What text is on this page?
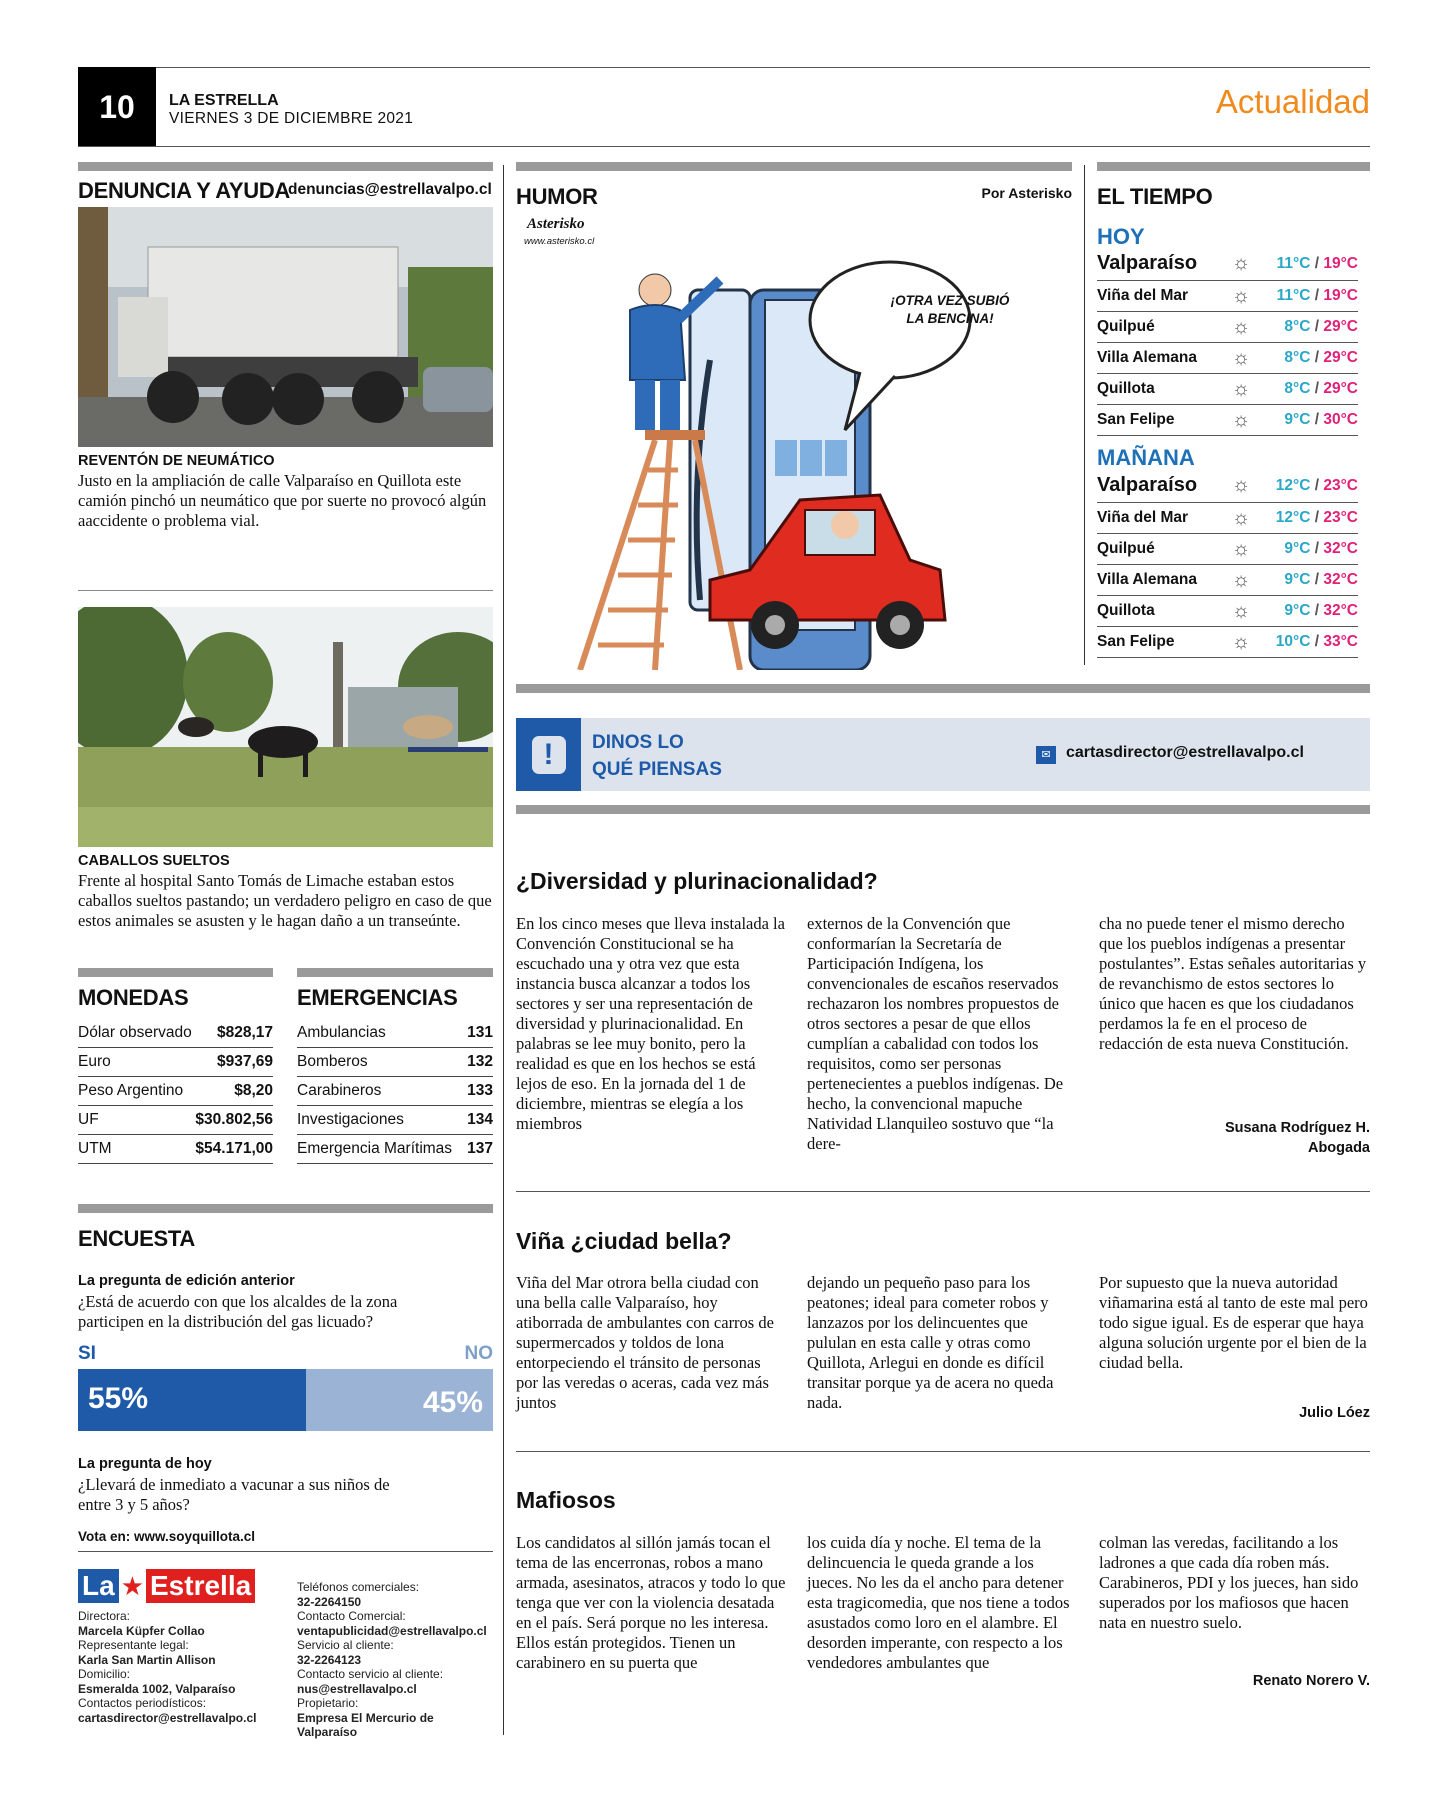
10	LA ESTRELLA
VIERNES 3 DE DICIEMBRE 2021	Actualidad
DENUNCIA Y AYUDA
denuncias@estrellavalpo.cl
REVENTÓN DE NEUMÁTICO
Justo en la ampliación de calle Valparaíso en Quillota este camión pinchó un neumático que por suerte no provocó algún aaccidente o problema vial.
CABALLOS SUELTOS
Frente al hospital Santo Tomás de Limache estaban estos caballos sueltos pastando; un verdadero peligro en caso de que estos animales se asusten y le hagan daño a un transeúnte.
MONEDAS
Dólar observado $828,17
Euro	$937,69
Peso Argentino	$8,20
UF	$30.802,56
UTM	$54.171,00
EMERGENCIAS
Ambulancias	131
Bomberos	132
Carabineros	133
Investigaciones	134
Emergencia Marítimas 137
ENCUESTA
La pregunta de edición anterior
¿Está de acuerdo con que los alcaldes de la zona participen en la distribución del gas licuado?
SI	NO
55%	45%
La pregunta de hoy
¿Llevará de inmediato a vacunar a sus niños de entre 3 y 5 años?
Vota en: www.soyquillota.cl
La ★ Estrella
Directora:
Marcela Küpfer Collao
Representante legal:
Karla San Martin Allison
Domicilio:
Esmeralda 1002, Valparaíso
Contactos periodísticos:
cartasdirector@estrellavalpo.cl
Teléfonos comerciales:
32-2264150
Contacto Comercial:
ventapublicidad@estrellavalpo.cl
Servicio al cliente:
32-2264123
Contacto servicio al cliente:
nus@estrellavalpo.cl
Propietario:
Empresa El Mercurio de Valparaíso
HUMOR	Por Asterisko
Asterisko
www.asterisko.cl
¡OTRA VEZ SUBIÓ LA BENCINA!
EL TIEMPO
HOY
Valparaíso	☼	11°C / 19°C
Viña del Mar	☼	11°C / 19°C
Quilpué	☼	8°C / 29°C
Villa Alemana	☼	8°C / 29°C
Quillota	☼	8°C / 29°C
San Felipe	☼	9°C / 30°C
MAÑANA
Valparaíso	☼	12°C / 23°C
Viña del Mar	☼	12°C / 23°C
Quilpué	☼	9°C / 32°C
Villa Alemana	☼	9°C / 32°C
Quillota	☼	9°C / 32°C
San Felipe	☼	10°C / 33°C
!	DINOS LO
QUÉ PIENSAS
✉ cartasdirector@estrellavalpo.cl
¿Diversidad y plurinacionalidad?
En los cinco meses que lleva instalada la Convención Constitucional se ha escuchado una y otra vez que esta instancia busca alcanzar a todos los sectores y ser una representación de diversidad y plurinacionalidad. En palabras se lee muy bonito, pero la realidad es que en los hechos se está lejos de eso. En la jornada del 1 de diciembre, mientras se elegía a los miembros
externos de la Convención que conformarían la Secretaría de Participación Indígena, los convencionales de escaños reservados rechazaron los nombres propuestos de otros sectores a pesar de que ellos cumplían a cabalidad con todos los requisitos, como ser personas pertenecientes a pueblos indígenas. De hecho, la convencional mapuche Natividad Llanquileo sostuvo que “la dere-
cha no puede tener el mismo derecho que los pueblos indígenas a presentar postulantes”. Estas señales autoritarias y de revanchismo de estos sectores lo único que hacen es que los ciudadanos perdamos la fe en el proceso de redacción de esta nueva Constitución.
Susana Rodríguez H.
Abogada
Viña ¿ciudad bella?
Viña del Mar otrora bella ciudad con una bella calle Valparaíso, hoy atiborrada de ambulantes con carros de supermercados y toldos de lona entorpeciendo el tránsito de personas por las veredas o aceras, cada vez más juntos
dejando un pequeño paso para los peatones; ideal para cometer robos y lanzazos por los delincuentes que pululan en esta calle y otras como Quillota, Arlegui en donde es difícil transitar porque ya de acera no queda nada.
Por supuesto que la nueva autoridad viñamarina está al tanto de este mal pero todo sigue igual. Es de esperar que haya alguna solución urgente por el bien de la ciudad bella.
Julio Lóez
Mafiosos
Los candidatos al sillón jamás tocan el tema de las encerronas, robos a mano armada, asesinatos, atracos y todo lo que tenga que ver con la violencia desatada en el país. Será porque no les interesa. Ellos están protegidos. Tienen un carabinero en su puerta que
los cuida día y noche. El tema de la delincuencia le queda grande a los jueces. No les da el ancho para detener esta tragicomedia, que nos tiene a todos asustados como loro en el alambre. El desorden imperante, con respecto a los vendedores ambulantes que
colman las veredas, facilitando a los ladrones a que cada día roben más. Carabineros, PDI y los jueces, han sido superados por los mafiosos que hacen nata en nuestro suelo.
Renato Norero V.
